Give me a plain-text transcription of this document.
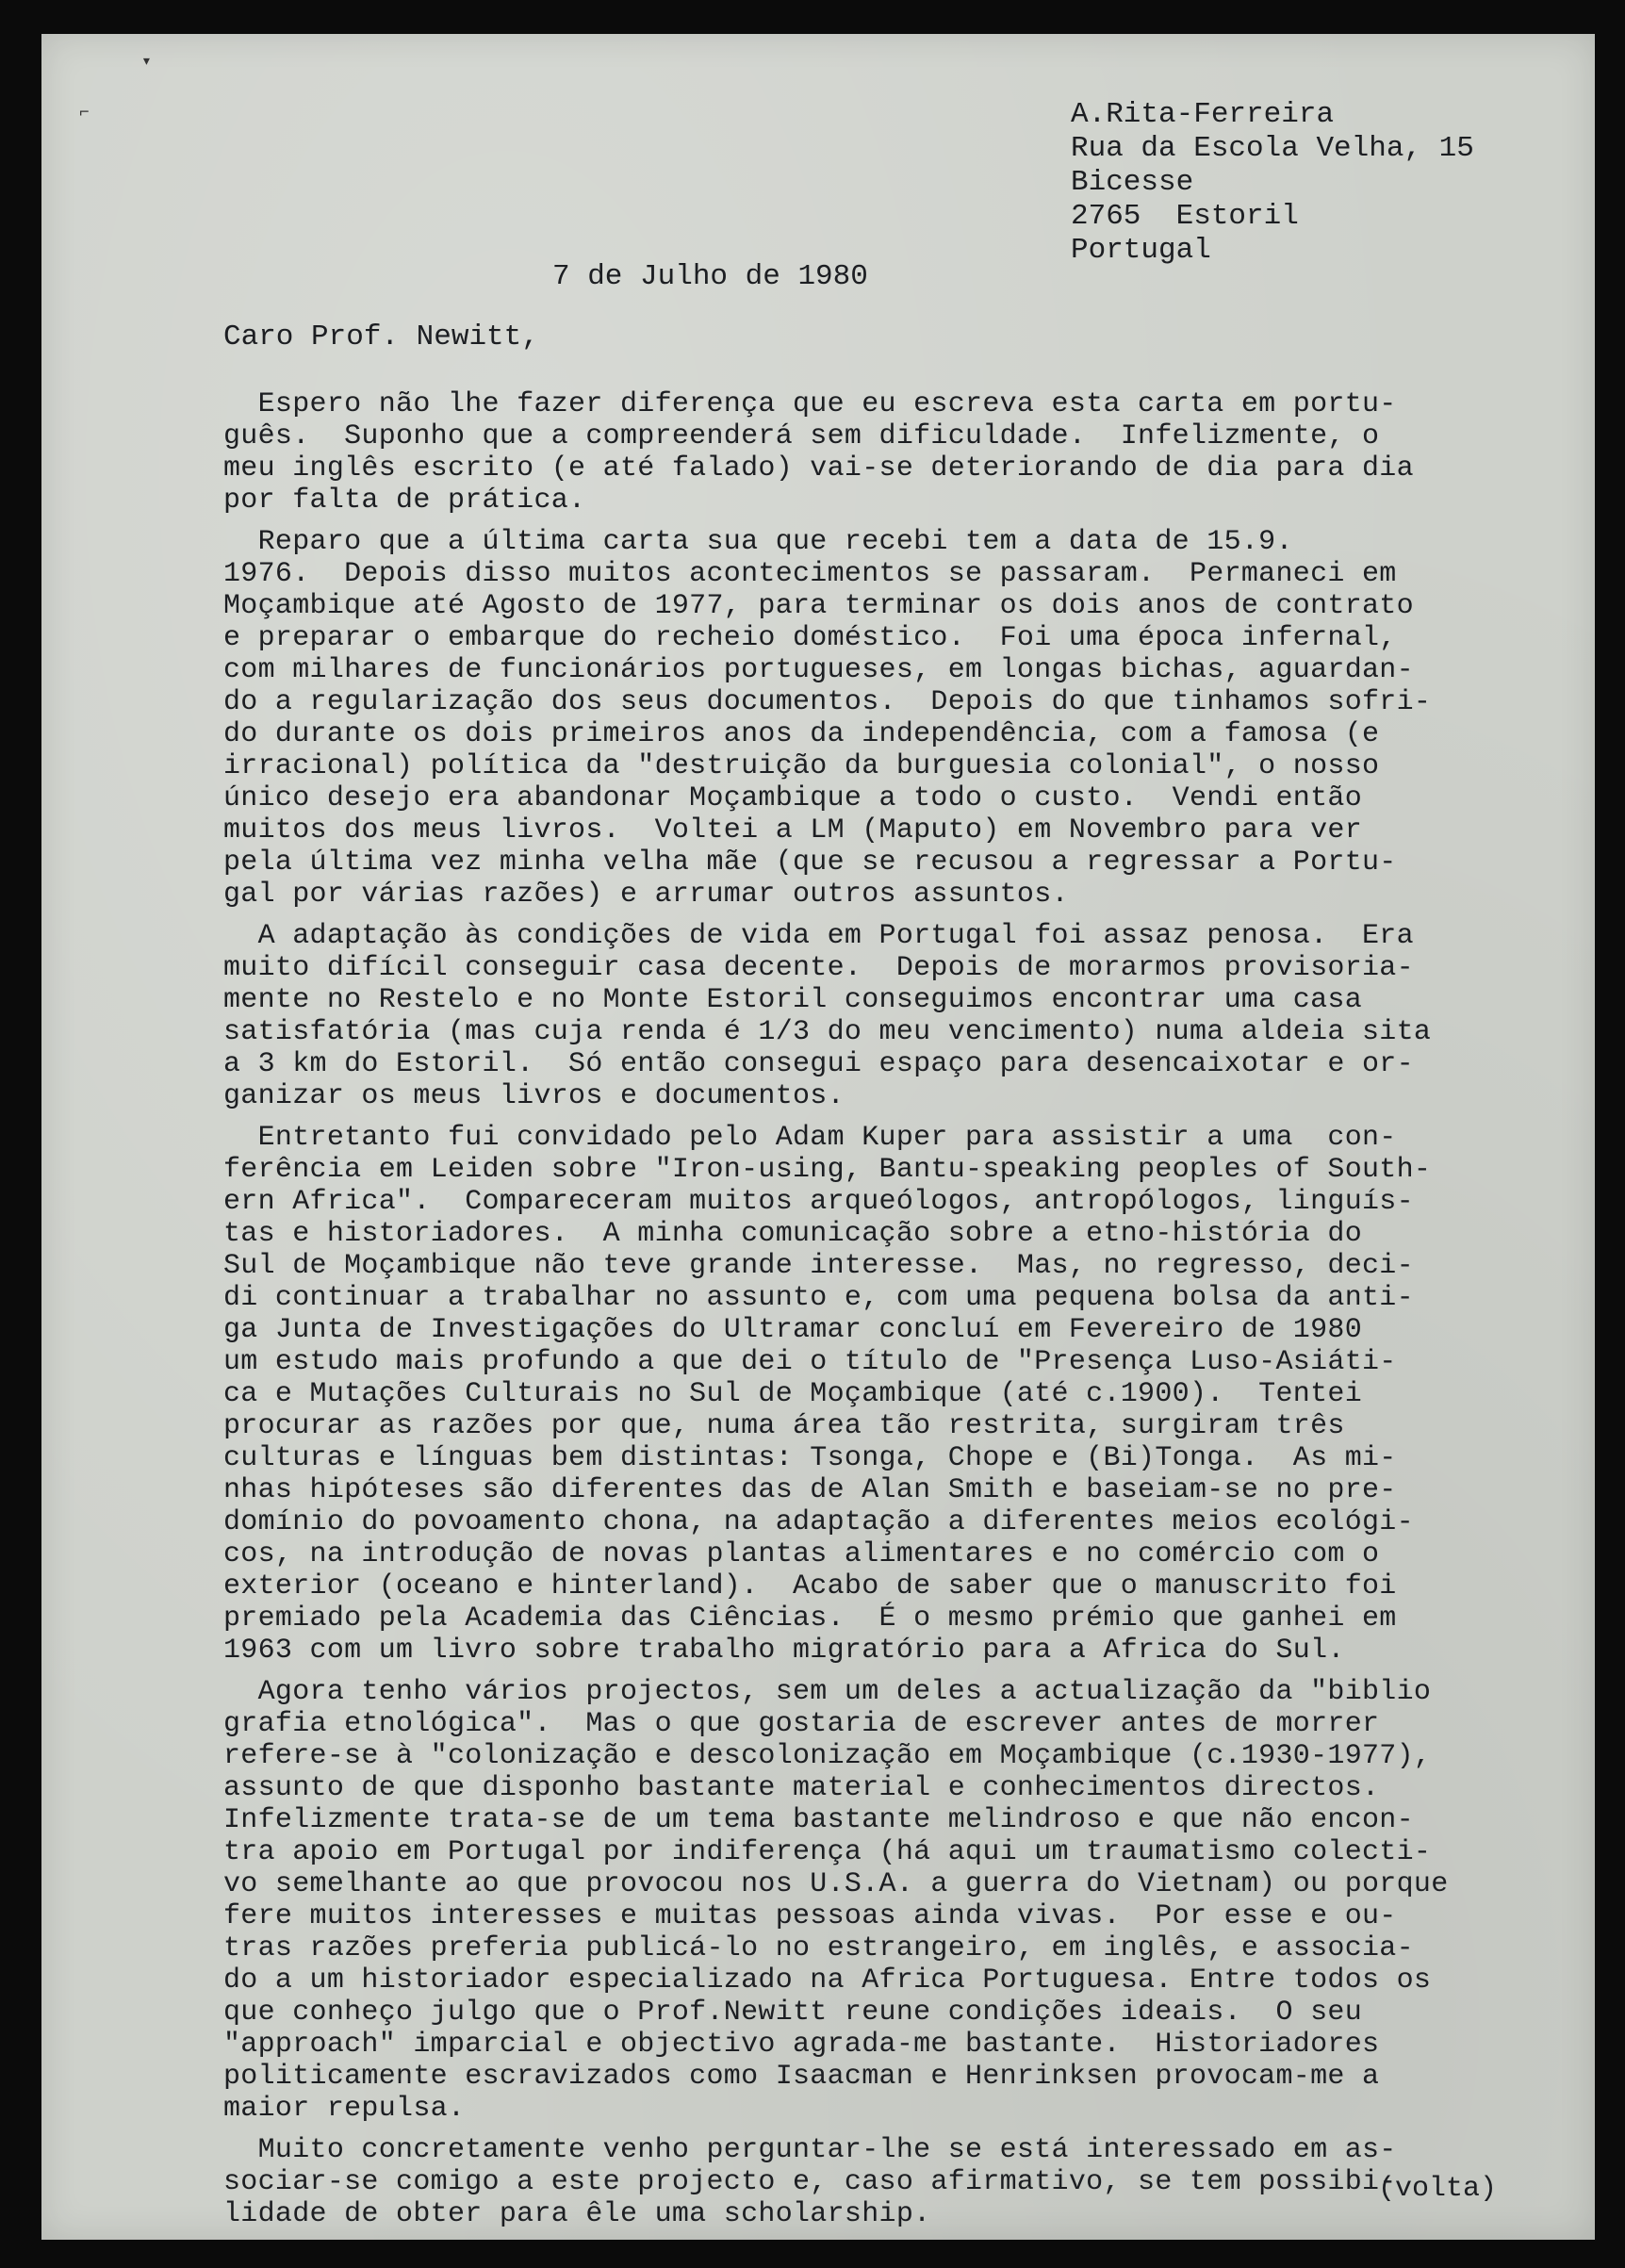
▾
⌐	A.Rita-Ferreira
Rua da Escola Velha, 15
Bicesse
2765  Estoril
Portugal
7 de Julho de 1980
Caro Prof. Newitt,
Espero não lhe fazer diferença que eu escreva esta carta em portu-
guês.  Suponho que a compreenderá sem dificuldade.  Infelizmente, o
meu inglês escrito (e até falado) vai-se deteriorando de dia para dia
por falta de prática.
Reparo que a última carta sua que recebi tem a data de 15.9.
1976.  Depois disso muitos acontecimentos se passaram.  Permaneci em
Moçambique até Agosto de 1977, para terminar os dois anos de contrato
e preparar o embarque do recheio doméstico.  Foi uma época infernal,
com milhares de funcionários portugueses, em longas bichas, aguardan-
do a regularização dos seus documentos.  Depois do que tinhamos sofri-
do durante os dois primeiros anos da independência, com a famosa (e
irracional) política da "destruição da burguesia colonial", o nosso
único desejo era abandonar Moçambique a todo o custo.  Vendi então
muitos dos meus livros.  Voltei a LM (Maputo) em Novembro para ver
pela última vez minha velha mãe (que se recusou a regressar a Portu-
gal por várias razões) e arrumar outros assuntos.
A adaptação às condições de vida em Portugal foi assaz penosa.  Era
muito difícil conseguir casa decente.  Depois de morarmos provisoria-
mente no Restelo e no Monte Estoril conseguimos encontrar uma casa
satisfatória (mas cuja renda é 1/3 do meu vencimento) numa aldeia sita
a 3 km do Estoril.  Só então consegui espaço para desencaixotar e or-
ganizar os meus livros e documentos.
Entretanto fui convidado pelo Adam Kuper para assistir a uma  con-
ferência em Leiden sobre "Iron-using, Bantu-speaking peoples of South-
ern Africa".  Compareceram muitos arqueólogos, antropólogos, linguís-
tas e historiadores.  A minha comunicação sobre a etno-história do
Sul de Moçambique não teve grande interesse.  Mas, no regresso, deci-
di continuar a trabalhar no assunto e, com uma pequena bolsa da anti-
ga Junta de Investigações do Ultramar concluí em Fevereiro de 1980
um estudo mais profundo a que dei o título de "Presença Luso-Asiáti-
ca e Mutações Culturais no Sul de Moçambique (até c.1900).  Tentei
procurar as razões por que, numa área tão restrita, surgiram três
culturas e línguas bem distintas: Tsonga, Chope e (Bi)Tonga.  As mi-
nhas hipóteses são diferentes das de Alan Smith e baseiam-se no pre-
domínio do povoamento chona, na adaptação a diferentes meios ecológi-
cos, na introdução de novas plantas alimentares e no comércio com o
exterior (oceano e hinterland).  Acabo de saber que o manuscrito foi
premiado pela Academia das Ciências.  É o mesmo prémio que ganhei em
1963 com um livro sobre trabalho migratório para a Africa do Sul.
Agora tenho vários projectos, sem um deles a actualização da "biblio
grafia etnológica".  Mas o que gostaria de escrever antes de morrer
refere-se à "colonização e descolonização em Moçambique (c.1930-1977),
assunto de que disponho bastante material e conhecimentos directos.
Infelizmente trata-se de um tema bastante melindroso e que não encon-
tra apoio em Portugal por indiferença (há aqui um traumatismo colecti-
vo semelhante ao que provocou nos U.S.A. a guerra do Vietnam) ou porque
fere muitos interesses e muitas pessoas ainda vivas.  Por esse e ou-
tras razões preferia publicá-lo no estrangeiro, em inglês, e associa-
do a um historiador especializado na Africa Portuguesa. Entre todos os
que conheço julgo que o Prof.Newitt reune condições ideais.  O seu
"approach" imparcial e objectivo agrada-me bastante.  Historiadores
politicamente escravizados como Isaacman e Henrinksen provocam-me a
maior repulsa.
Muito concretamente venho perguntar-lhe se está interessado em as-
sociar-se comigo a este projecto e, caso afirmativo, se tem possibi-
lidade de obter para êle uma scholarship.
(volta)
